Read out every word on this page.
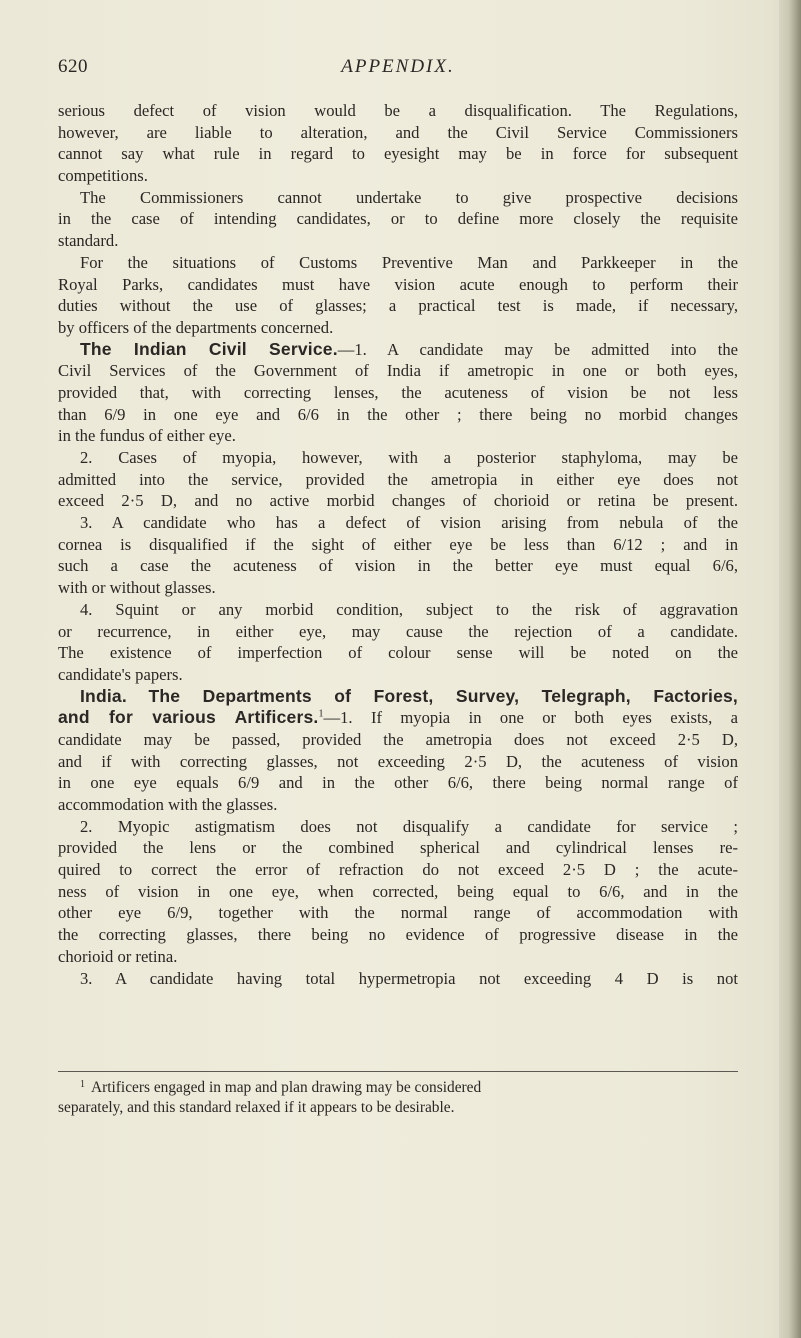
620	APPENDIX.
serious defect of vision would be a disqualification. The Regulations,
however, are liable to alteration, and the Civil Service Commissioners
cannot say what rule in regard to eyesight may be in force for subsequent
competitions.
The Commissioners cannot undertake to give prospective decisions
in the case of intending candidates, or to define more closely the requisite
standard.
For the situations of Customs Preventive Man and Parkkeeper in the
Royal Parks, candidates must have vision acute enough to perform their
duties without the use of glasses; a practical test is made, if necessary,
by officers of the departments concerned.
The Indian Civil Service.—1. A candidate may be admitted into the
Civil Services of the Government of India if ametropic in one or both eyes,
provided that, with correcting lenses, the acuteness of vision be not less
than 6/9 in one eye and 6/6 in the other ; there being no morbid changes
in the fundus of either eye.
2. Cases of myopia, however, with a posterior staphyloma, may be
admitted into the service, provided the ametropia in either eye does not
exceed 2·5 D, and no active morbid changes of chorioid or retina be present.
3. A candidate who has a defect of vision arising from nebula of the
cornea is disqualified if the sight of either eye be less than 6/12 ; and in
such a case the acuteness of vision in the better eye must equal 6/6,
with or without glasses.
4. Squint or any morbid condition, subject to the risk of aggravation
or recurrence, in either eye, may cause the rejection of a candidate.
The existence of imperfection of colour sense will be noted on the
candidate's papers.
India. The Departments of Forest, Survey, Telegraph, Factories,
and for various Artificers.$^1$—1. If myopia in one or both eyes exists, a
candidate may be passed, provided the ametropia does not exceed 2·5 D,
and if with correcting glasses, not exceeding 2·5 D, the acuteness of vision
in one eye equals 6/9 and in the other 6/6, there being normal range of
accommodation with the glasses.
2. Myopic astigmatism does not disqualify a candidate for service ;
provided the lens or the combined spherical and cylindrical lenses re-
quired to correct the error of refraction do not exceed 2·5 D ; the acute-
ness of vision in one eye, when corrected, being equal to 6/6, and in the
other eye 6/9, together with the normal range of accommodation with
the correcting glasses, there being no evidence of progressive disease in the
chorioid or retina.
3. A candidate having total hypermetropia not exceeding 4 D is not
$^1$ Artificers engaged in map and plan drawing may be considered
separately, and this standard relaxed if it appears to be desirable.
